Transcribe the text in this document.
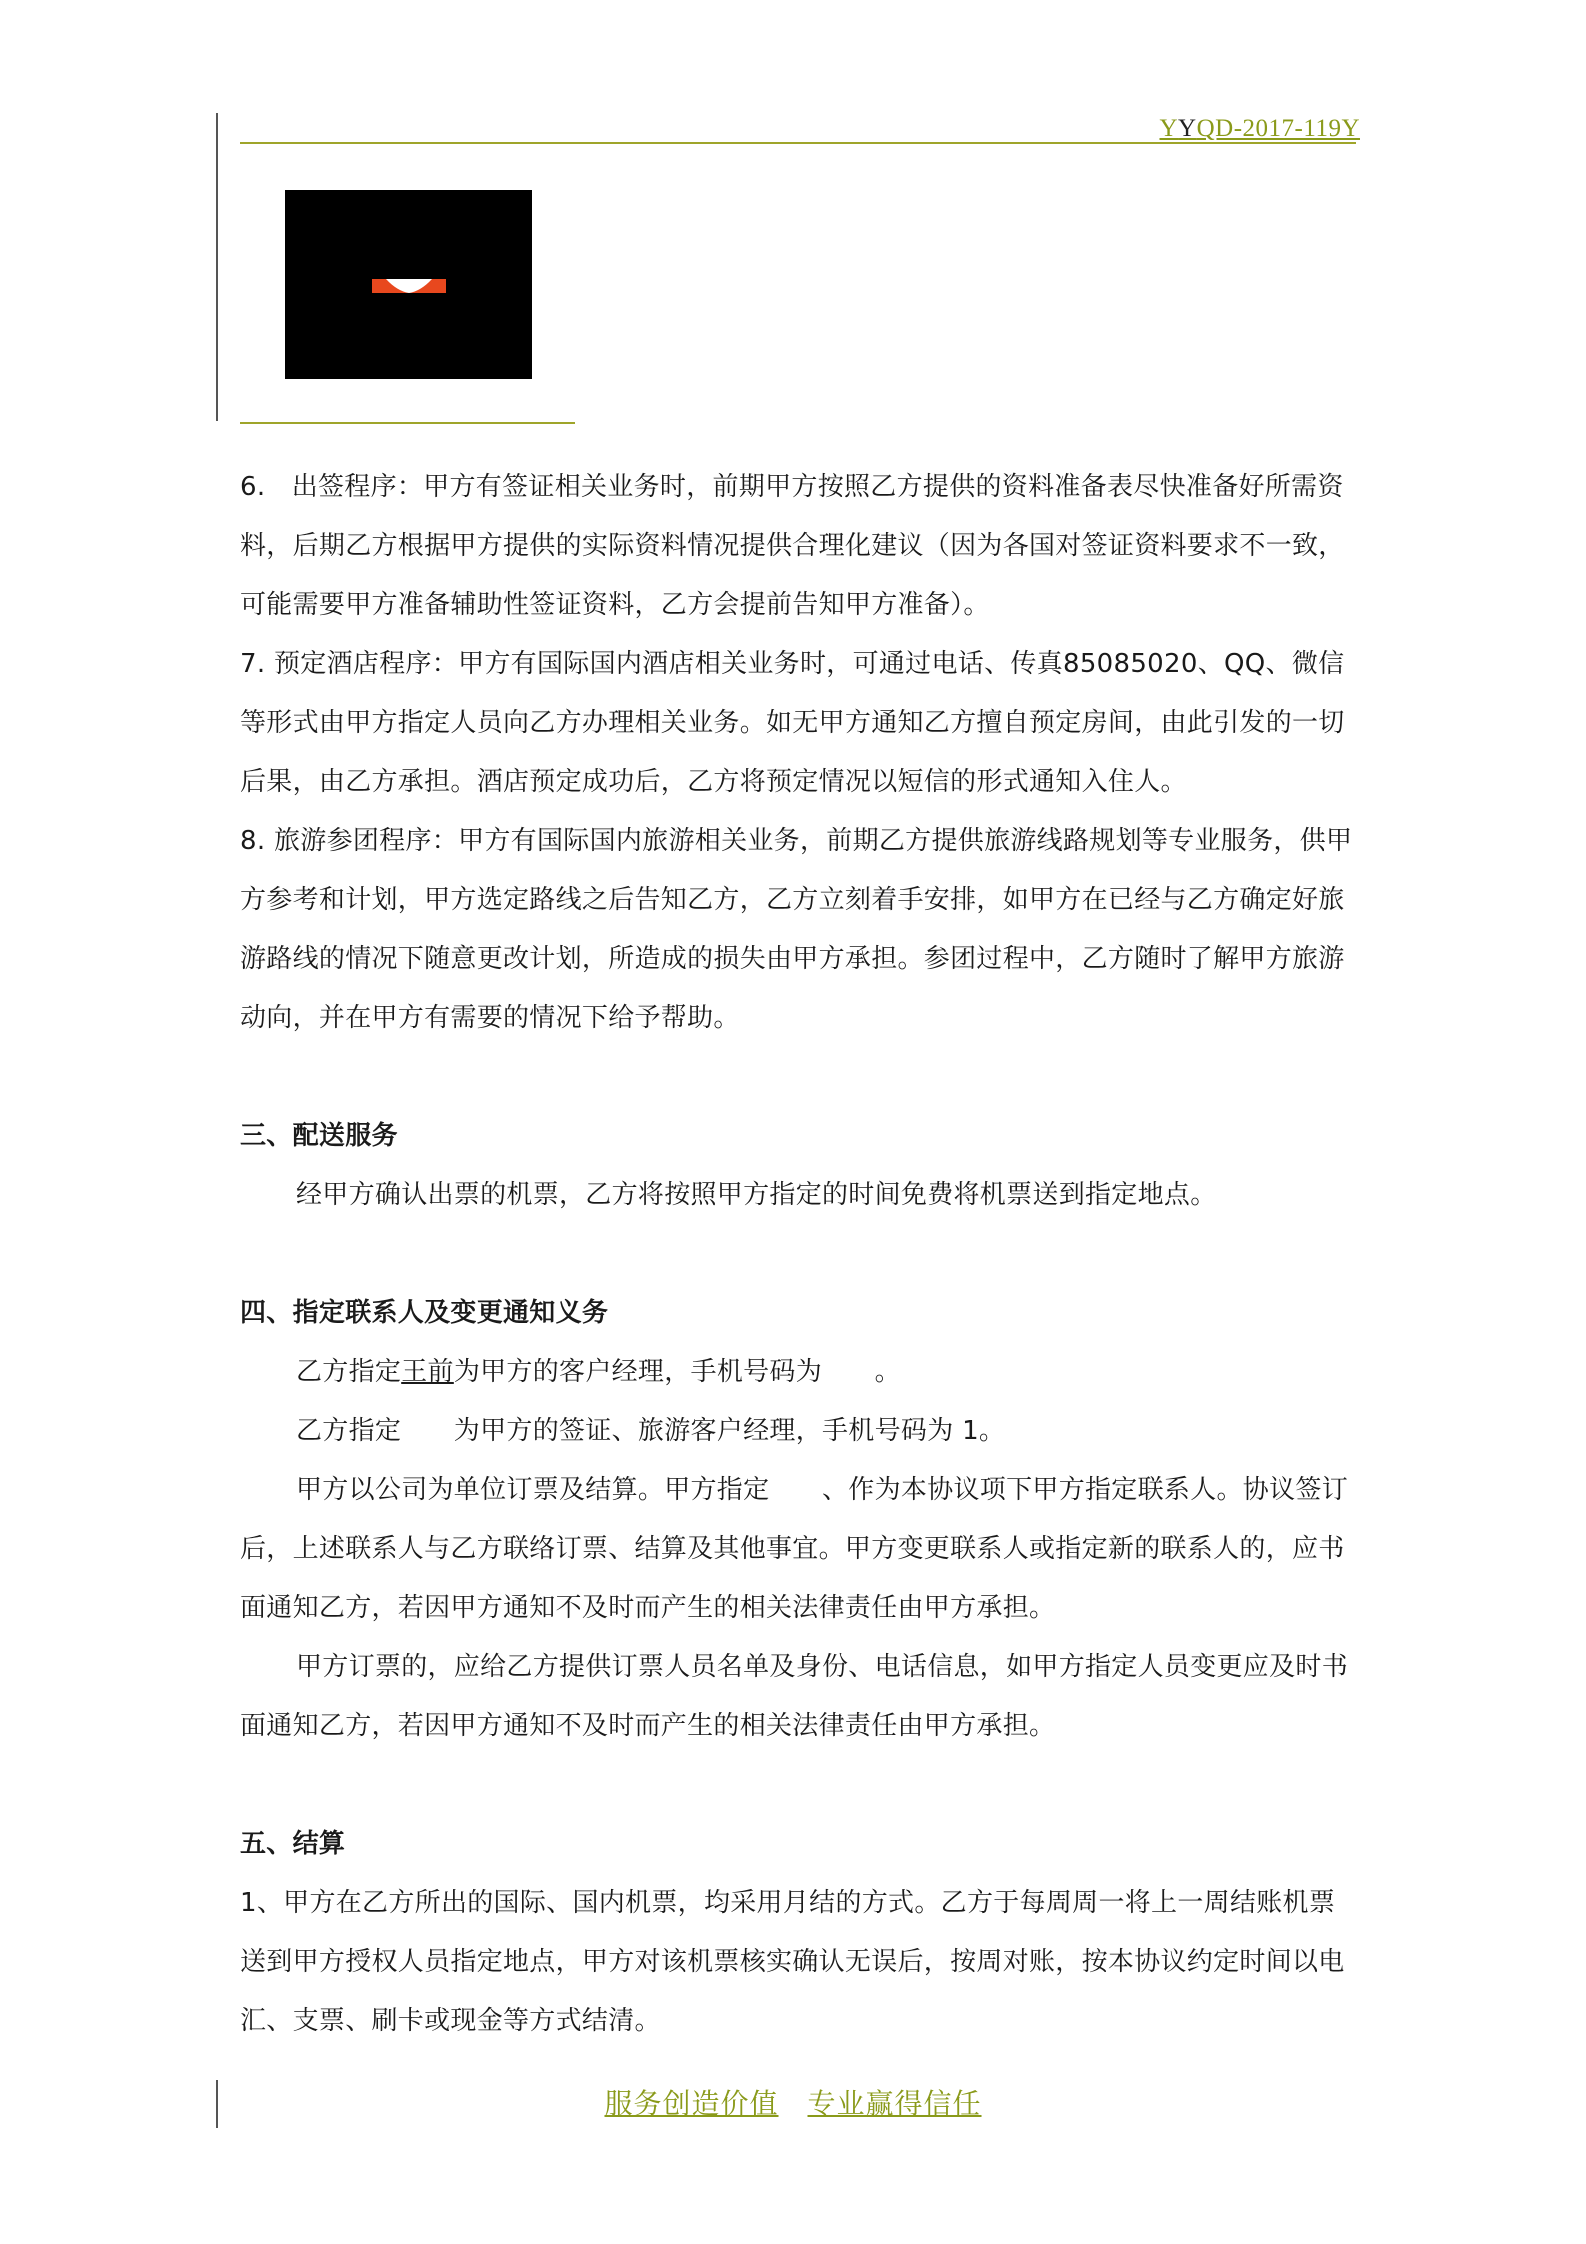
YYQD-2017-119Y

6.　出签程序：甲方有签证相关业务时，前期甲方按照乙方提供的资料准备表尽快准备好所需资料，后期乙方根据甲方提供的实际资料情况提供合理化建议（因为各国对签证资料要求不一致，可能需要甲方准备辅助性签证资料，乙方会提前告知甲方准备）。

7. 预定酒店程序：甲方有国际国内酒店相关业务时，可通过电话、传真85085020、QQ、微信等形式由甲方指定人员向乙方办理相关业务。如无甲方通知乙方擅自预定房间，由此引发的一切后果，由乙方承担。酒店预定成功后，乙方将预定情况以短信的形式通知入住人。

8. 旅游参团程序：甲方有国际国内旅游相关业务，前期乙方提供旅游线路规划等专业服务，供甲方参考和计划，甲方选定路线之后告知乙方，乙方立刻着手安排，如甲方在已经与乙方确定好旅游路线的情况下随意更改计划，所造成的损失由甲方承担。参团过程中，乙方随时了解甲方旅游动向，并在甲方有需要的情况下给予帮助。

三、配送服务

经甲方确认出票的机票，乙方将按照甲方指定的时间免费将机票送到指定地点。

四、指定联系人及变更通知义务

乙方指定王前为甲方的客户经理，手机号码为　　。

乙方指定　　为甲方的签证、旅游客户经理，手机号码为 1。

甲方以公司为单位订票及结算。甲方指定　　、作为本协议项下甲方指定联系人。协议签订后，上述联系人与乙方联络订票、结算及其他事宜。甲方变更联系人或指定新的联系人的，应书面通知乙方，若因甲方通知不及时而产生的相关法律责任由甲方承担。

甲方订票的，应给乙方提供订票人员名单及身份、电话信息，如甲方指定人员变更应及时书面通知乙方，若因甲方通知不及时而产生的相关法律责任由甲方承担。

五、结算

1、甲方在乙方所出的国际、国内机票，均采用月结的方式。乙方于每周周一将上一周结账机票送到甲方授权人员指定地点，甲方对该机票核实确认无误后，按周对账，按本协议约定时间以电汇、支票、刷卡或现金等方式结清。

服务创造价值  专业赢得信任
